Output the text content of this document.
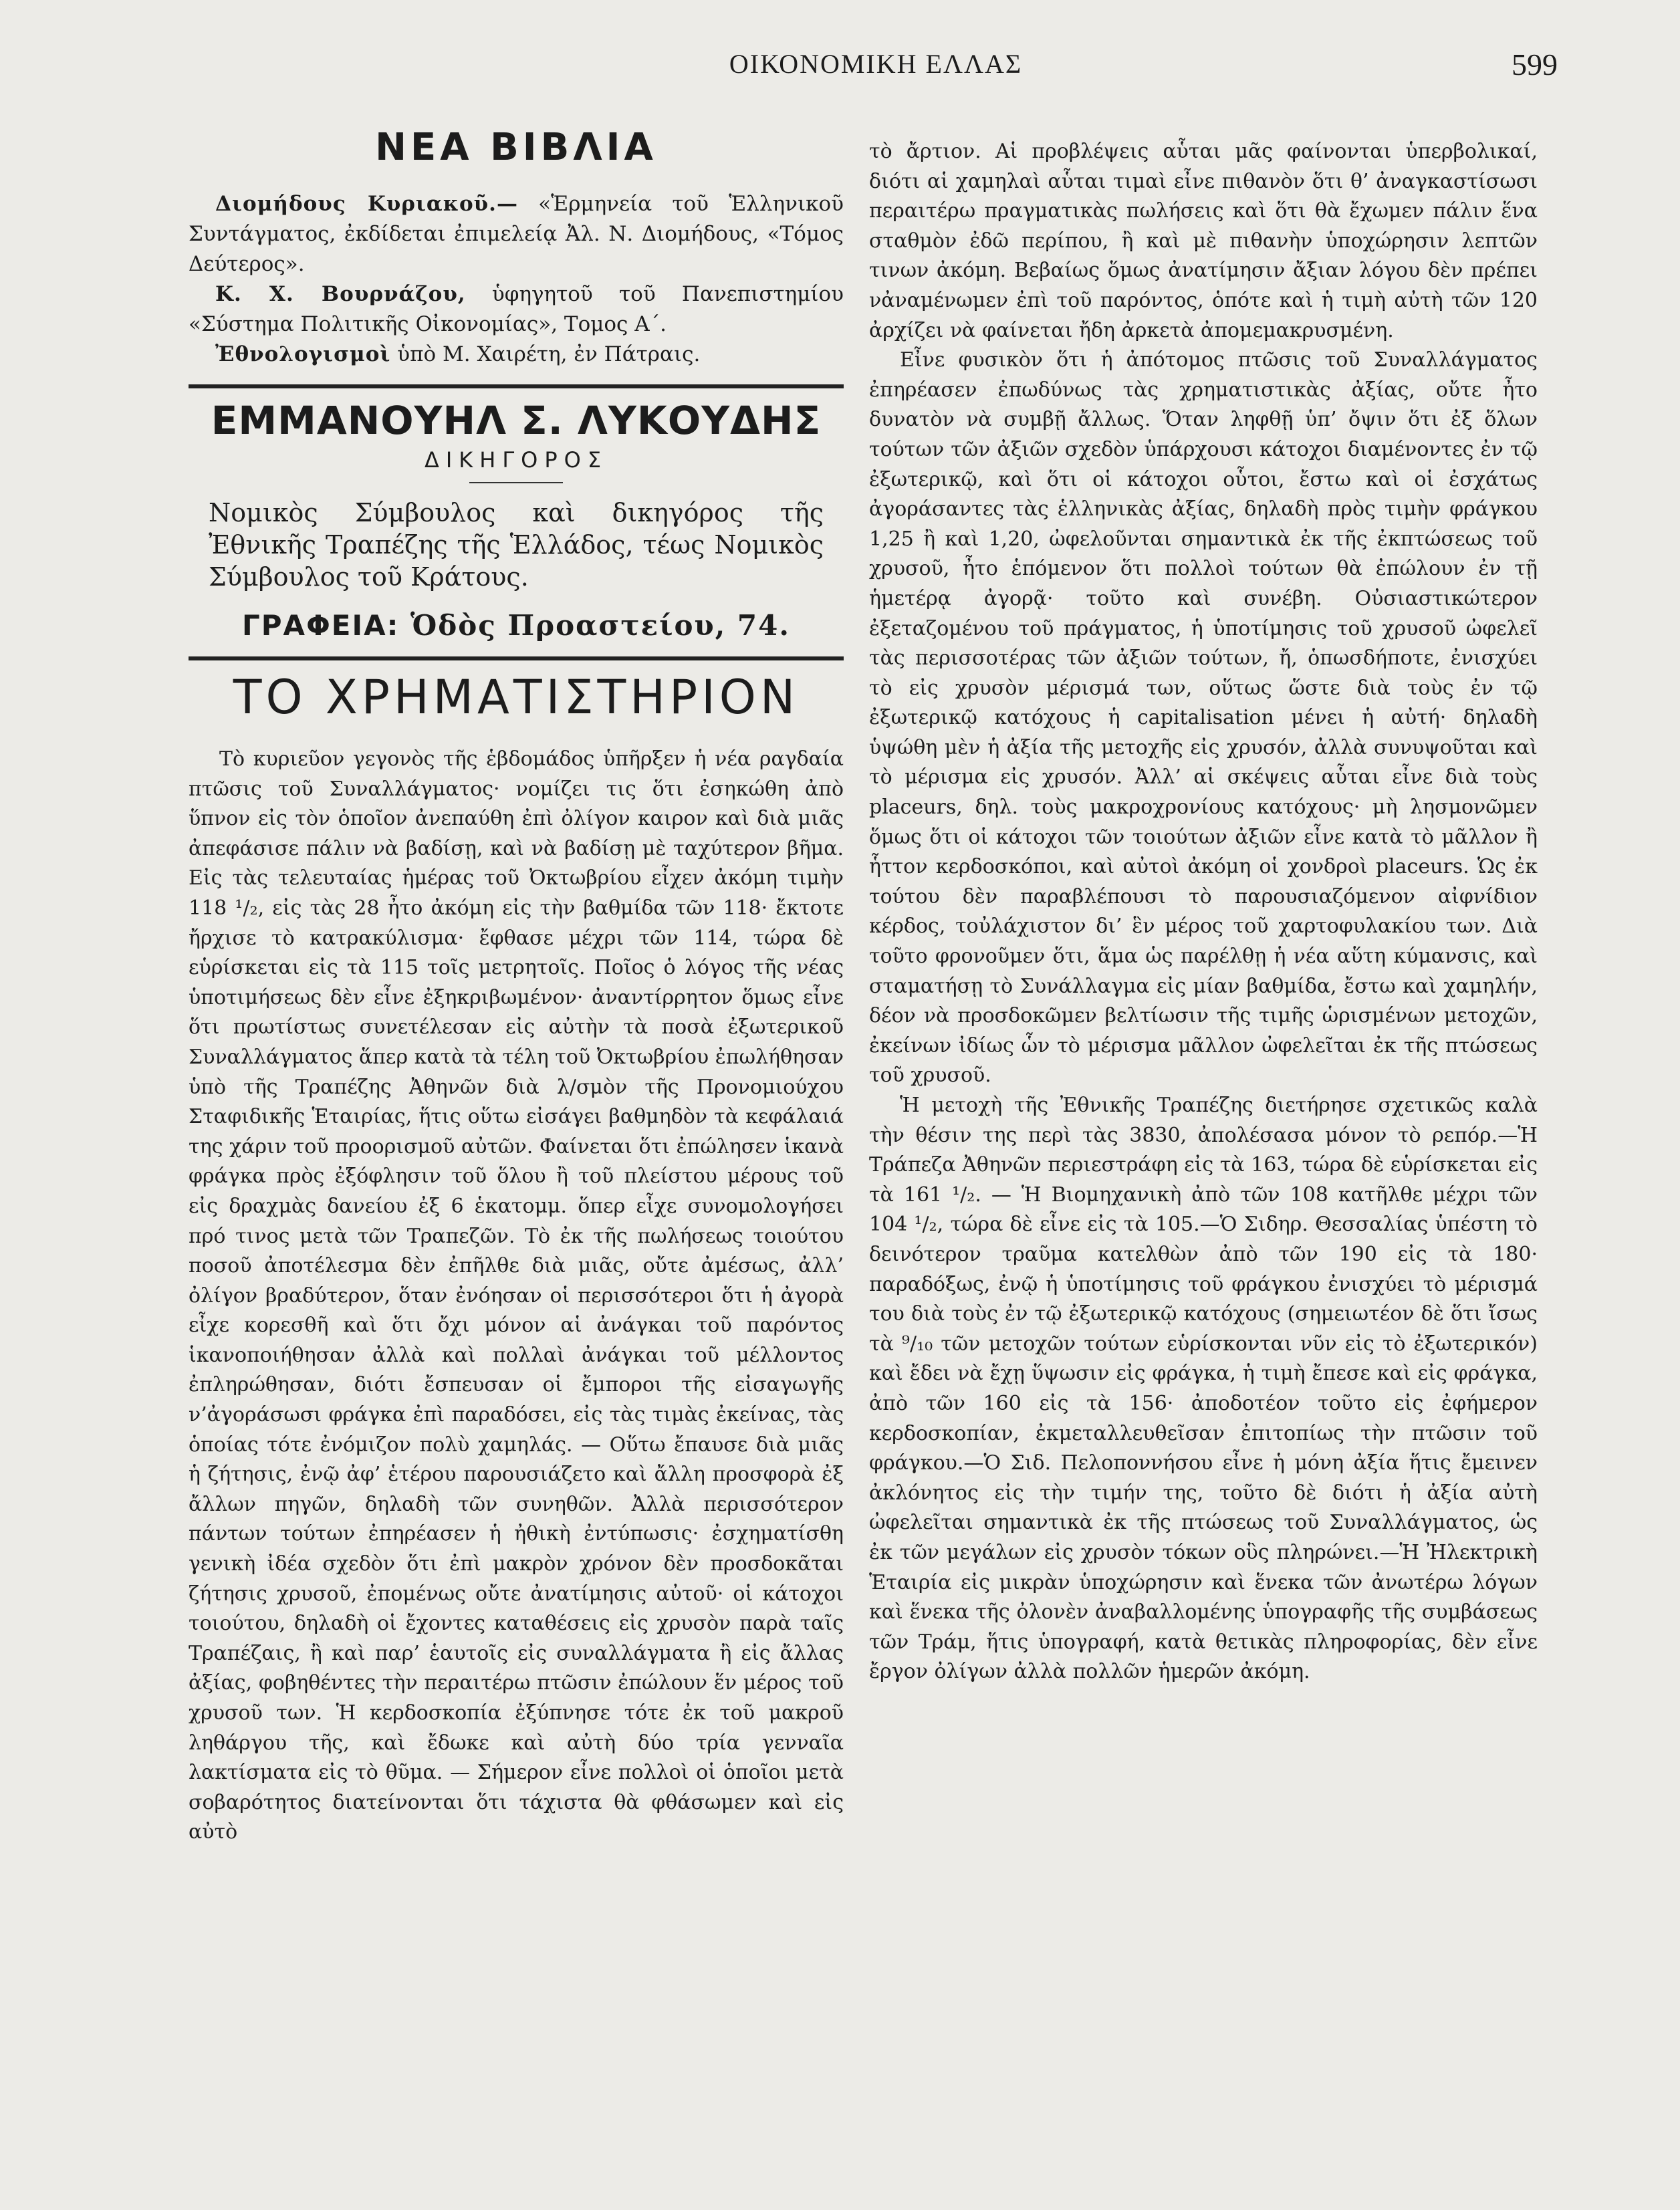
ΟΙΚΟΝΟΜΙΚΗ ΕΛΛΑΣ	599
ΝΕΑ ΒΙΒΛΙΑ

Διομήδους Κυριακοῦ.— «Ἑρμηνεία τοῦ Ἑλληνικοῦ Συντάγματος, ἐκδίδεται ἐπιμελείᾳ Ἀλ. Ν. Διομήδους, «Τόμος Δεύτερος».

Κ. Χ. Βουρνάζου, ὑφηγητοῦ τοῦ Πανεπιστημίου «Σύστημα Πολιτικῆς Οἰκονομίας», Τομος Α΄.

Ἐθνολογισμοὶ ὑπὸ Μ. Χαιρέτη, ἐν Πάτραις.

ΕΜΜΑΝΟΥΗΛ Σ. ΛΥΚΟΥΔΗΣ
ΔΙΚΗΓΟΡΟΣ

Νομικὸς Σύμβουλος καὶ δικηγόρος τῆς Ἐθνικῆς Τραπέζης τῆς Ἑλλάδος, τέως Νομικὸς Σύμβουλος τοῦ Κράτους.

ΓΡΑΦΕΙΑ: Ὁδὸς Προαστείου, 74.
ΤΟ ΧΡΗΜΑΤΙΣΤΗΡΙΟΝ

Τὸ κυριεῦον γεγονὸς τῆς ἑβδομάδος ὑπῆρξεν ἡ νέα ραγδαία πτῶσις τοῦ Συναλλάγματος· νομίζει τις ὅτι ἐσηκώθη ἀπὸ ὕπνον εἰς τὸν ὁποῖον ἀνεπαύθη ἐπὶ ὀλίγον καιρον καὶ διὰ μιᾶς ἀπεφάσισε πάλιν νὰ βαδίσῃ, καὶ νὰ βαδίσῃ μὲ ταχύτερον βῆμα. Εἰς τὰς τελευταίας ἡμέρας τοῦ Ὀκτωβρίου εἶχεν ἀκόμη τιμὴν 118 ¹/₂, εἰς τὰς 28 ἦτο ἀκόμη εἰς τὴν βαθμίδα τῶν 118· ἔκτοτε ἤρχισε τὸ κατρακύλισμα· ἔφθασε μέχρι τῶν 114, τώρα δὲ εὑρίσκεται εἰς τὰ 115 τοῖς μετρητοῖς. Ποῖος ὁ λόγος τῆς νέας ὑποτιμήσεως δὲν εἶνε ἐξηκριβωμένον· ἀναντίρρητον ὅμως εἶνε ὅτι πρωτίστως συνετέλεσαν εἰς αὐτὴν τὰ ποσὰ ἐξωτερικοῦ Συναλλάγματος ἅπερ κατὰ τὰ τέλη τοῦ Ὀκτωβρίου ἐπωλήθησαν ὑπὸ τῆς Τραπέζης Ἀθηνῶν διὰ λ/σμὸν τῆς Προνομιούχου Σταφιδικῆς Ἑταιρίας, ἥτις οὕτω εἰσάγει βαθμηδὸν τὰ κεφάλαιά της χάριν τοῦ προορισμοῦ αὐτῶν. Φαίνεται ὅτι ἐπώλησεν ἱκανὰ φράγκα πρὸς ἐξόφλησιν τοῦ ὅλου ἢ τοῦ πλείστου μέρους τοῦ εἰς δραχμὰς δανείου ἐξ 6 ἑκατομμ. ὅπερ εἶχε συνομολογήσει πρό τινος μετὰ τῶν Τραπεζῶν. Τὸ ἐκ τῆς πωλήσεως τοιούτου ποσοῦ ἀποτέλεσμα δὲν ἐπῆλθε διὰ μιᾶς, οὔτε ἀμέσως, ἀλλ’ ὀλίγον βραδύτερον, ὅταν ἐνόησαν οἱ περισσότεροι ὅτι ἡ ἀγορὰ εἶχε κορεσθῆ καὶ ὅτι ὄχι μόνον αἱ ἀνάγκαι τοῦ παρόντος ἱκανοποιήθησαν ἀλλὰ καὶ πολλαὶ ἀνάγκαι τοῦ μέλλοντος ἐπληρώθησαν, διότι ἔσπευσαν οἱ ἔμποροι τῆς εἰσαγωγῆς ν’ἀγοράσωσι φράγκα ἐπὶ παραδόσει, εἰς τὰς τιμὰς ἐκείνας, τὰς ὁποίας τότε ἐνόμιζον πολὺ χαμηλάς. — Οὕτω ἔπαυσε διὰ μιᾶς ἡ ζήτησις, ἐνῷ ἀφ’ ἑτέρου παρουσιάζετο καὶ ἄλλη προσφορὰ ἐξ ἄλλων πηγῶν, δηλαδὴ τῶν συνηθῶν. Ἀλλὰ περισσότερον πάντων τούτων ἐπηρέασεν ἡ ἠθικὴ ἐντύπωσις· ἐσχηματίσθη γενικὴ ἰδέα σχεδὸν ὅτι ἐπὶ μακρὸν χρόνον δὲν προσδοκᾶται ζήτησις χρυσοῦ, ἐπομένως οὔτε ἀνατίμησις αὐτοῦ· οἱ κάτοχοι τοιούτου, δηλαδὴ οἱ ἔχοντες καταθέσεις εἰς χρυσὸν παρὰ ταῖς Τραπέζαις, ἢ καὶ παρ’ ἑαυτοῖς εἰς συναλλάγματα ἢ εἰς ἄλλας ἀξίας, φοβηθέντες τὴν περαιτέρω πτῶσιν ἐπώλουν ἕν μέρος τοῦ χρυσοῦ των. Ἡ κερδοσκοπία ἐξύπνησε τότε ἐκ τοῦ μακροῦ ληθάργου τῆς, καὶ ἔδωκε καὶ αὐτὴ δύο τρία γενναῖα λακτίσματα εἰς τὸ θῦμα. — Σήμερον εἶνε πολλοὶ οἱ ὁποῖοι μετὰ σοβαρότητος διατείνονται ὅτι τάχιστα θὰ φθάσωμεν καὶ εἰς αὐτὸ

τὸ ἄρτιον. Αἱ προβλέψεις αὗται μᾶς φαίνονται ὑπερβολικαί, διότι αἱ χαμηλαὶ αὗται τιμαὶ εἶνε πιθανὸν ὅτι θ’ ἀναγκαστίσωσι περαιτέρω πραγματικὰς πωλήσεις καὶ ὅτι θὰ ἔχωμεν πάλιν ἕνα σταθμὸν ἐδῶ περίπου, ἢ καὶ μὲ πιθανὴν ὑποχώρησιν λεπτῶν τινων ἀκόμη. Βεβαίως ὅμως ἀνατίμησιν ἄξιαν λόγου δὲν πρέπει νἀναμένωμεν ἐπὶ τοῦ παρόντος, ὁπότε καὶ ἡ τιμὴ αὐτὴ τῶν 120 ἀρχίζει νὰ φαίνεται ἤδη ἀρκετὰ ἀπομεμακρυσμένη.

Εἶνε φυσικὸν ὅτι ἡ ἀπότομος πτῶσις τοῦ Συναλλάγματος ἐπηρέασεν ἐπωδύνως τὰς χρηματιστικὰς ἀξίας, οὔτε ἦτο δυνατὸν νὰ συμβῇ ἄλλως. Ὅταν ληφθῇ ὑπ’ ὄψιν ὅτι ἐξ ὅλων τούτων τῶν ἀξιῶν σχεδὸν ὑπάρχουσι κάτοχοι διαμένοντες ἐν τῷ ἐξωτερικῷ, καὶ ὅτι οἱ κάτοχοι οὗτοι, ἔστω καὶ οἱ ἐσχάτως ἀγοράσαντες τὰς ἑλληνικὰς ἀξίας, δηλαδὴ πρὸς τιμὴν φράγκου 1,25 ἢ καὶ 1,20, ὠφελοῦνται σημαντικὰ ἐκ τῆς ἐκπτώσεως τοῦ χρυσοῦ, ἦτο ἑπόμενον ὅτι πολλοὶ τούτων θὰ ἐπώλουν ἐν τῇ ἡμετέρᾳ ἀγορᾷ· τοῦτο καὶ συνέβη. Οὐσιαστικώτερον ἐξεταζομένου τοῦ πράγματος, ἡ ὑποτίμησις τοῦ χρυσοῦ ὠφελεῖ τὰς περισσοτέρας τῶν ἀξιῶν τούτων, ἤ, ὁπωσδήποτε, ἐνισχύει τὸ εἰς χρυσὸν μέρισμά των, οὕτως ὥστε διὰ τοὺς ἐν τῷ ἐξωτερικῷ κατόχους ἡ capitalisation μένει ἡ αὐτή· δηλαδὴ ὑψώθη μὲν ἡ ἀξία τῆς μετοχῆς εἰς χρυσόν, ἀλλὰ συνυψοῦται καὶ τὸ μέρισμα εἰς χρυσόν. Ἀλλ’ αἱ σκέψεις αὗται εἶνε διὰ τοὺς placeurs, δηλ. τοὺς μακροχρονίους κατόχους· μὴ λησμονῶμεν ὅμως ὅτι οἱ κάτοχοι τῶν τοιούτων ἀξιῶν εἶνε κατὰ τὸ μᾶλλον ἢ ἧττον κερδοσκόποι, καὶ αὐτοὶ ἀκόμη οἱ χονδροὶ placeurs. Ὡς ἐκ τούτου δὲν παραβλέπουσι τὸ παρουσιαζόμενον αἰφνίδιον κέρδος, τοὐλάχιστον δι’ ἓν μέρος τοῦ χαρτοφυλακίου των. Διὰ τοῦτο φρονοῦμεν ὅτι, ἅμα ὡς παρέλθῃ ἡ νέα αὕτη κύμανσις, καὶ σταματήσῃ τὸ Συνάλλαγμα εἰς μίαν βαθμίδα, ἔστω καὶ χαμηλήν, δέον νὰ προσδοκῶμεν βελτίωσιν τῆς τιμῆς ὡρισμένων μετοχῶν, ἐκείνων ἰδίως ὧν τὸ μέρισμα μᾶλλον ὠφελεῖται ἐκ τῆς πτώσεως τοῦ χρυσοῦ.

Ἡ μετοχὴ τῆς Ἐθνικῆς Τραπέζης διετήρησε σχετικῶς καλὰ τὴν θέσιν της περὶ τὰς 3830, ἀπολέσασα μόνον τὸ ρεπόρ.—Ἡ Τράπεζα Ἀθηνῶν περιεστράφη εἰς τὰ 163, τώρα δὲ εὑρίσκεται εἰς τὰ 161 ¹/₂. — Ἡ Βιομηχανικὴ ἀπὸ τῶν 108 κατῆλθε μέχρι τῶν 104 ¹/₂, τώρα δὲ εἶνε εἰς τὰ 105.—Ὁ Σιδηρ. Θεσσαλίας ὑπέστη τὸ δεινότερον τραῦμα κατελθὼν ἀπὸ τῶν 190 εἰς τὰ 180· παραδόξως, ἐνῷ ἡ ὑποτίμησις τοῦ φράγκου ἐνισχύει τὸ μέρισμά του διὰ τοὺς ἐν τῷ ἐξωτερικῷ κατόχους (σημειωτέον δὲ ὅτι ἴσως τὰ ⁹/₁₀ τῶν μετοχῶν τούτων εὑρίσκονται νῦν εἰς τὸ ἐξωτερικόν) καὶ ἔδει νὰ ἔχῃ ὕψωσιν εἰς φράγκα, ἡ τιμὴ ἔπεσε καὶ εἰς φράγκα, ἀπὸ τῶν 160 εἰς τὰ 156· ἀποδοτέον τοῦτο εἰς ἐφήμερον κερδοσκοπίαν, ἐκμεταλλευθεῖσαν ἐπιτοπίως τὴν πτῶσιν τοῦ φράγκου.—Ὁ Σιδ. Πελοποννήσου εἶνε ἡ μόνη ἀξία ἥτις ἔμεινεν ἀκλόνητος εἰς τὴν τιμήν της, τοῦτο δὲ διότι ἡ ἀξία αὐτὴ ὠφελεῖται σημαντικὰ ἐκ τῆς πτώσεως τοῦ Συναλλάγματος, ὡς ἐκ τῶν μεγάλων εἰς χρυσὸν τόκων οὓς πληρώνει.—Ἡ Ἠλεκτρικὴ Ἑταιρία εἰς μικρὰν ὑποχώρησιν καὶ ἕνεκα τῶν ἀνωτέρω λόγων καὶ ἕνεκα τῆς ὀλονὲν ἀναβαλλομένης ὑπογραφῆς τῆς συμβάσεως τῶν Τράμ, ἥτις ὑπογραφή, κατὰ θετικὰς πληροφορίας, δὲν εἶνε ἔργον ὀλίγων ἀλλὰ πολλῶν ἡμερῶν ἀκόμη.
